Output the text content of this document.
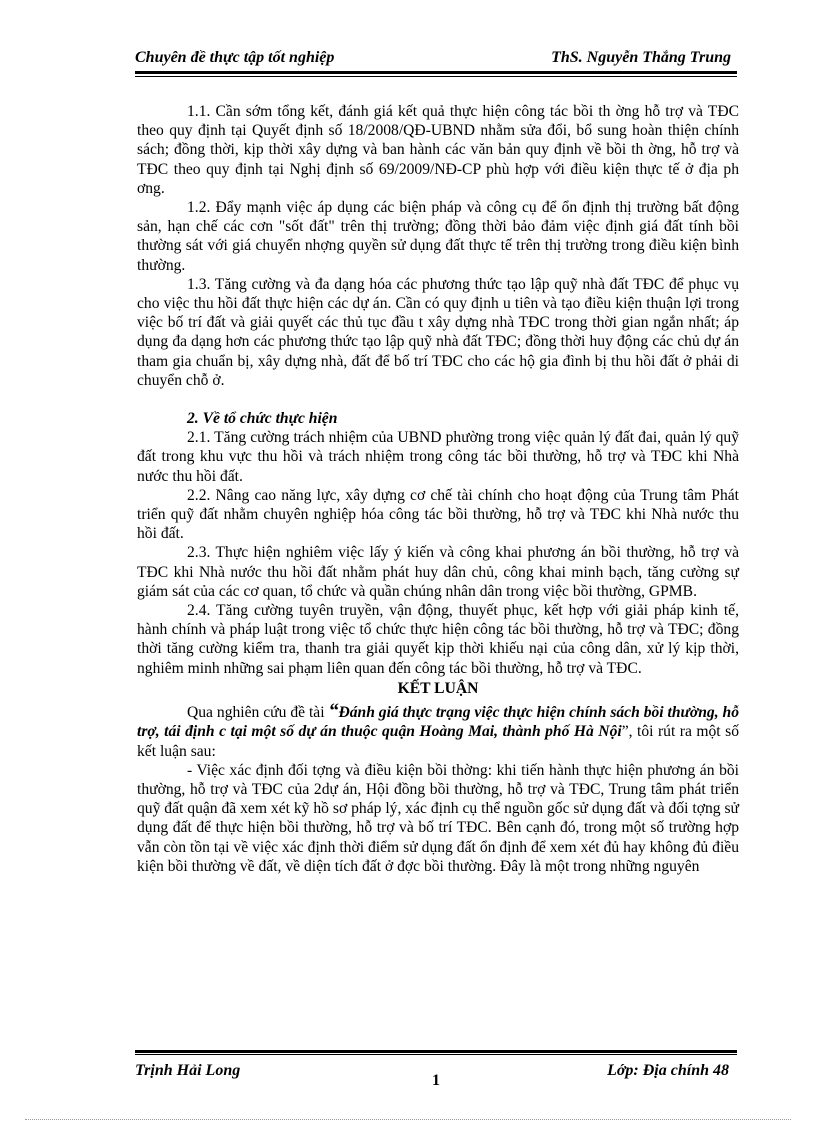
Chuyên đề thực tập tốt nghiệp	ThS. Nguyễn Thắng Trung

1.1. Cần sớm tổng kết, đánh giá kết quả thực hiện công tác bồi th ờng hỗ trợ và TĐC theo quy định tại Quyết định số 18/2008/QĐ-UBND nhằm sửa đổi, bổ sung hoàn thiện chính sách; đồng thời, kịp thời xây dựng và ban hành các văn bản quy định về bồi th ờng, hỗ trợ và TĐC theo quy định tại Nghị định số 69/2009/NĐ-CP phù hợp với điều kiện thực tế ở địa ph ơng.

1.2. Đẩy mạnh việc áp dụng các biện pháp và công cụ để ổn định thị trường bất động sản, hạn chế các cơn "sốt đất" trên thị trường; đồng thời bảo đảm việc định giá đất tính bồi thường sát với giá chuyển nhợng quyền sử dụng đất thực tế trên thị trường trong điều kiện bình thường.

1.3. Tăng cường và đa dạng hóa các phương thức tạo lập quỹ nhà đất TĐC để phục vụ cho việc thu hồi đất thực hiện các dự án. Cần có quy định u tiên và tạo điều kiện thuận lợi trong việc bố trí đất và giải quyết các thủ tục đầu t xây dựng nhà TĐC trong thời gian ngắn nhất; áp dụng đa dạng hơn các phương thức tạo lập quỹ nhà đất TĐC; đồng thời huy động các chủ dự án tham gia chuẩn bị, xây dựng nhà, đất để bố trí TĐC cho các hộ gia đình bị thu hồi đất ở phải di chuyển chỗ ở.

2. Về tổ chức thực hiện

2.1. Tăng cường trách nhiệm của UBND phường trong việc quản lý đất đai, quản lý quỹ đất trong khu vực thu hồi và trách nhiệm trong công tác bồi thường, hỗ trợ và TĐC khi Nhà nước thu hồi đất.

2.2. Nâng cao năng lực, xây dựng cơ chế tài chính cho hoạt động của Trung tâm Phát triển quỹ đất nhằm chuyên nghiệp hóa công tác bồi thường, hỗ trợ và TĐC khi Nhà nước thu hồi đất.

2.3. Thực hiện nghiêm việc lấy ý kiến và công khai phương án bồi thường, hỗ trợ và TĐC khi Nhà nước thu hồi đất nhằm phát huy dân chủ, công khai minh bạch, tăng cường sự giám sát của các cơ quan, tổ chức và quần chúng nhân dân trong việc bồi thường, GPMB.

2.4. Tăng cường tuyên truyền, vận động, thuyết phục, kết hợp với giải pháp kinh tế, hành chính và pháp luật trong việc tổ chức thực hiện công tác bồi thường, hỗ trợ và TĐC; đồng thời tăng cường kiểm tra, thanh tra giải quyết kịp thời khiếu nại của công dân, xử lý kịp thời, nghiêm minh những sai phạm liên quan đến công tác bồi thường, hỗ trợ và TĐC.

KẾT LUẬN

Qua nghiên cứu đề tài “Đánh giá thực trạng việc thực hiện chính sách bồi thường, hỗ trợ, tái định c tại một số dự án thuộc quận Hoàng Mai, thành phố Hà Nội”, tôi rút ra một số kết luận sau:

- Việc xác định đối tợng và điều kiện bồi thờng: khi tiến hành thực hiện phương án bồi thường, hỗ trợ và TĐC của 2dự án, Hội đồng bồi thường, hỗ trợ và TĐC, Trung tâm phát triển quỹ đất quận đã xem xét kỹ hồ sơ pháp lý, xác định cụ thể nguồn gốc sử dụng đất và đối tợng sử dụng đất để thực hiện bồi thường, hỗ trợ và bố trí TĐC. Bên cạnh đó, trong một số trường hợp vẫn còn tồn tại về việc xác định thời điểm sử dụng đất ổn định để xem xét đủ hay không đủ điều kiện bồi thường về đất, về diện tích đất ở đợc bồi thường. Đây là một trong những nguyên

Trịnh Hải Long	Lớp: Địa chính 48
1
